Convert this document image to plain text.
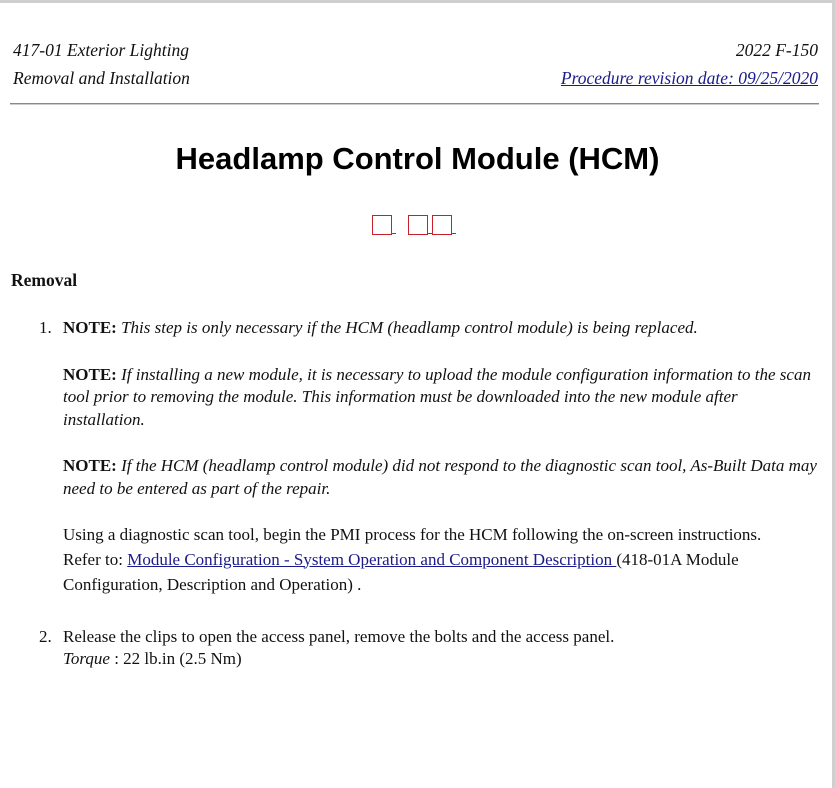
417-01 Exterior Lighting	2022 F-150
Removal and Installation	Procedure revision date: 09/25/2020
Headlamp Control Module (HCM)
Removal
1. NOTE: This step is only necessary if the HCM (headlamp control module) is being replaced.

NOTE: If installing a new module, it is necessary to upload the module configuration information to the scan tool prior to removing the module. This information must be downloaded into the new module after installation.

NOTE: If the HCM (headlamp control module) did not respond to the diagnostic scan tool, As-Built Data may need to be entered as part of the repair.

Using a diagnostic scan tool, begin the PMI process for the HCM following the on-screen instructions.

Refer to: Module Configuration - System Operation and Component Description (418-01A Module Configuration, Description and Operation) .

2. Release the clips to open the access panel, remove the bolts and the access panel.

Torque : 22 lb.in (2.5 Nm)
